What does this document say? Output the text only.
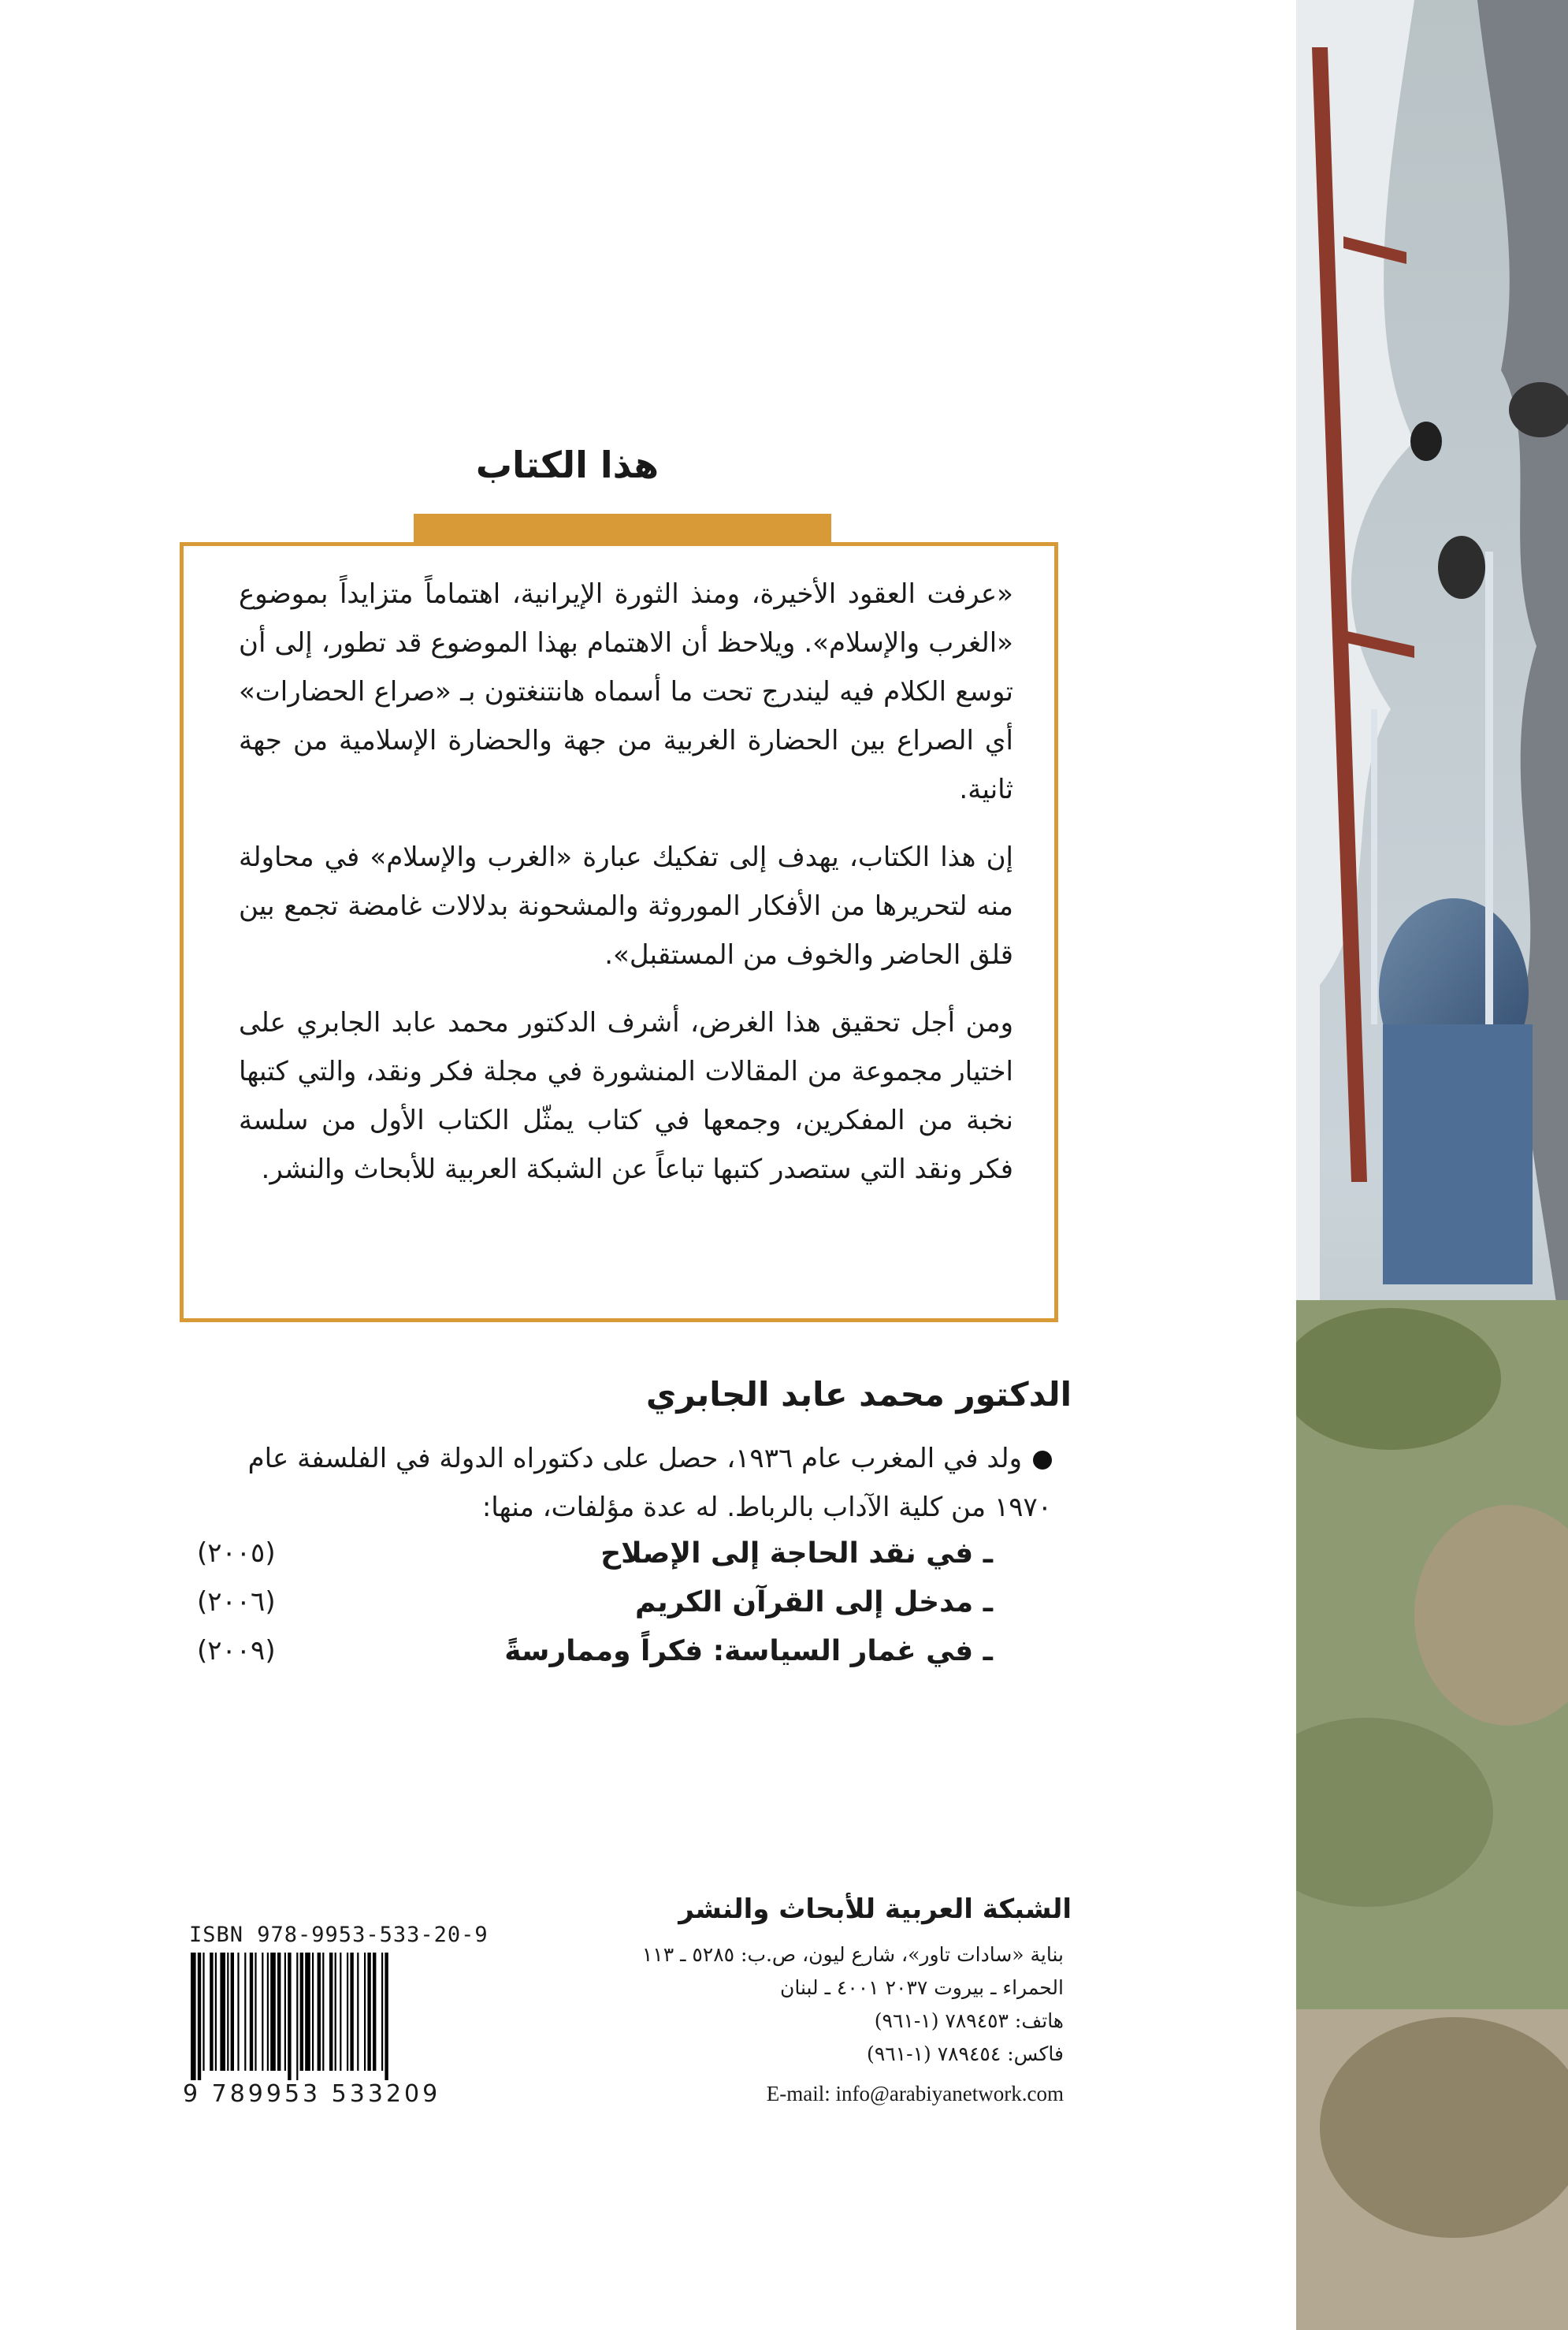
هذا الكتاب

«عرفت العقود الأخيرة، ومنذ الثورة الإيرانية، اهتماماً متزايداً بموضوع «الغرب والإسلام». ويلاحظ أن الاهتمام بهذا الموضوع قد تطور، إلى أن توسع الكلام فيه ليندرج تحت ما أسماه هانتنغتون بـ «صراع الحضارات» أي الصراع بين الحضارة الغربية من جهة والحضارة الإسلامية من جهة ثانية.

إن هذا الكتاب، يهدف إلى تفكيك عبارة «الغرب والإسلام» في محاولة منه لتحريرها من الأفكار الموروثة والمشحونة بدلالات غامضة تجمع بين قلق الحاضر والخوف من المستقبل».

ومن أجل تحقيق هذا الغرض، أشرف الدكتور محمد عابد الجابري على اختيار مجموعة من المقالات المنشورة في مجلة فكر ونقد، والتي كتبها نخبة من المفكرين، وجمعها في كتاب يمثّل الكتاب الأول من سلسة فكر ونقد التي ستصدر كتبها تباعاً عن الشبكة العربية للأبحاث والنشر.

الدكتور محمد عابد الجابري
ولد في المغرب عام ١٩٣٦، حصل على دكتوراه الدولة في الفلسفة عام ١٩٧٠ من كلية الآداب بالرباط. له عدة مؤلفات، منها:
ـ في نقد الحاجة إلى الإصلاح
(٢٠٠٥)
ـ مدخل إلى القرآن الكريم
(٢٠٠٦)
ـ في غمار السياسة: فكراً وممارسةً
(٢٠٠٩)
الشبكة العربية للأبحاث والنشر
بناية «سادات تاور»، شارع ليون، ص.ب: ٥٢٨٥ ـ ١١٣
الحمراء ـ بيروت ٢٠٣٧ ٤٠٠١ ـ لبنان
هاتف: ٧٨٩٤٥٣ (١-٩٦١)
فاكس: ٧٨٩٤٥٤ (١-٩٦١)
E-mail: info@arabiyanetwork.com
ISBN 978-9953-533-20-9
9 789953 533209
